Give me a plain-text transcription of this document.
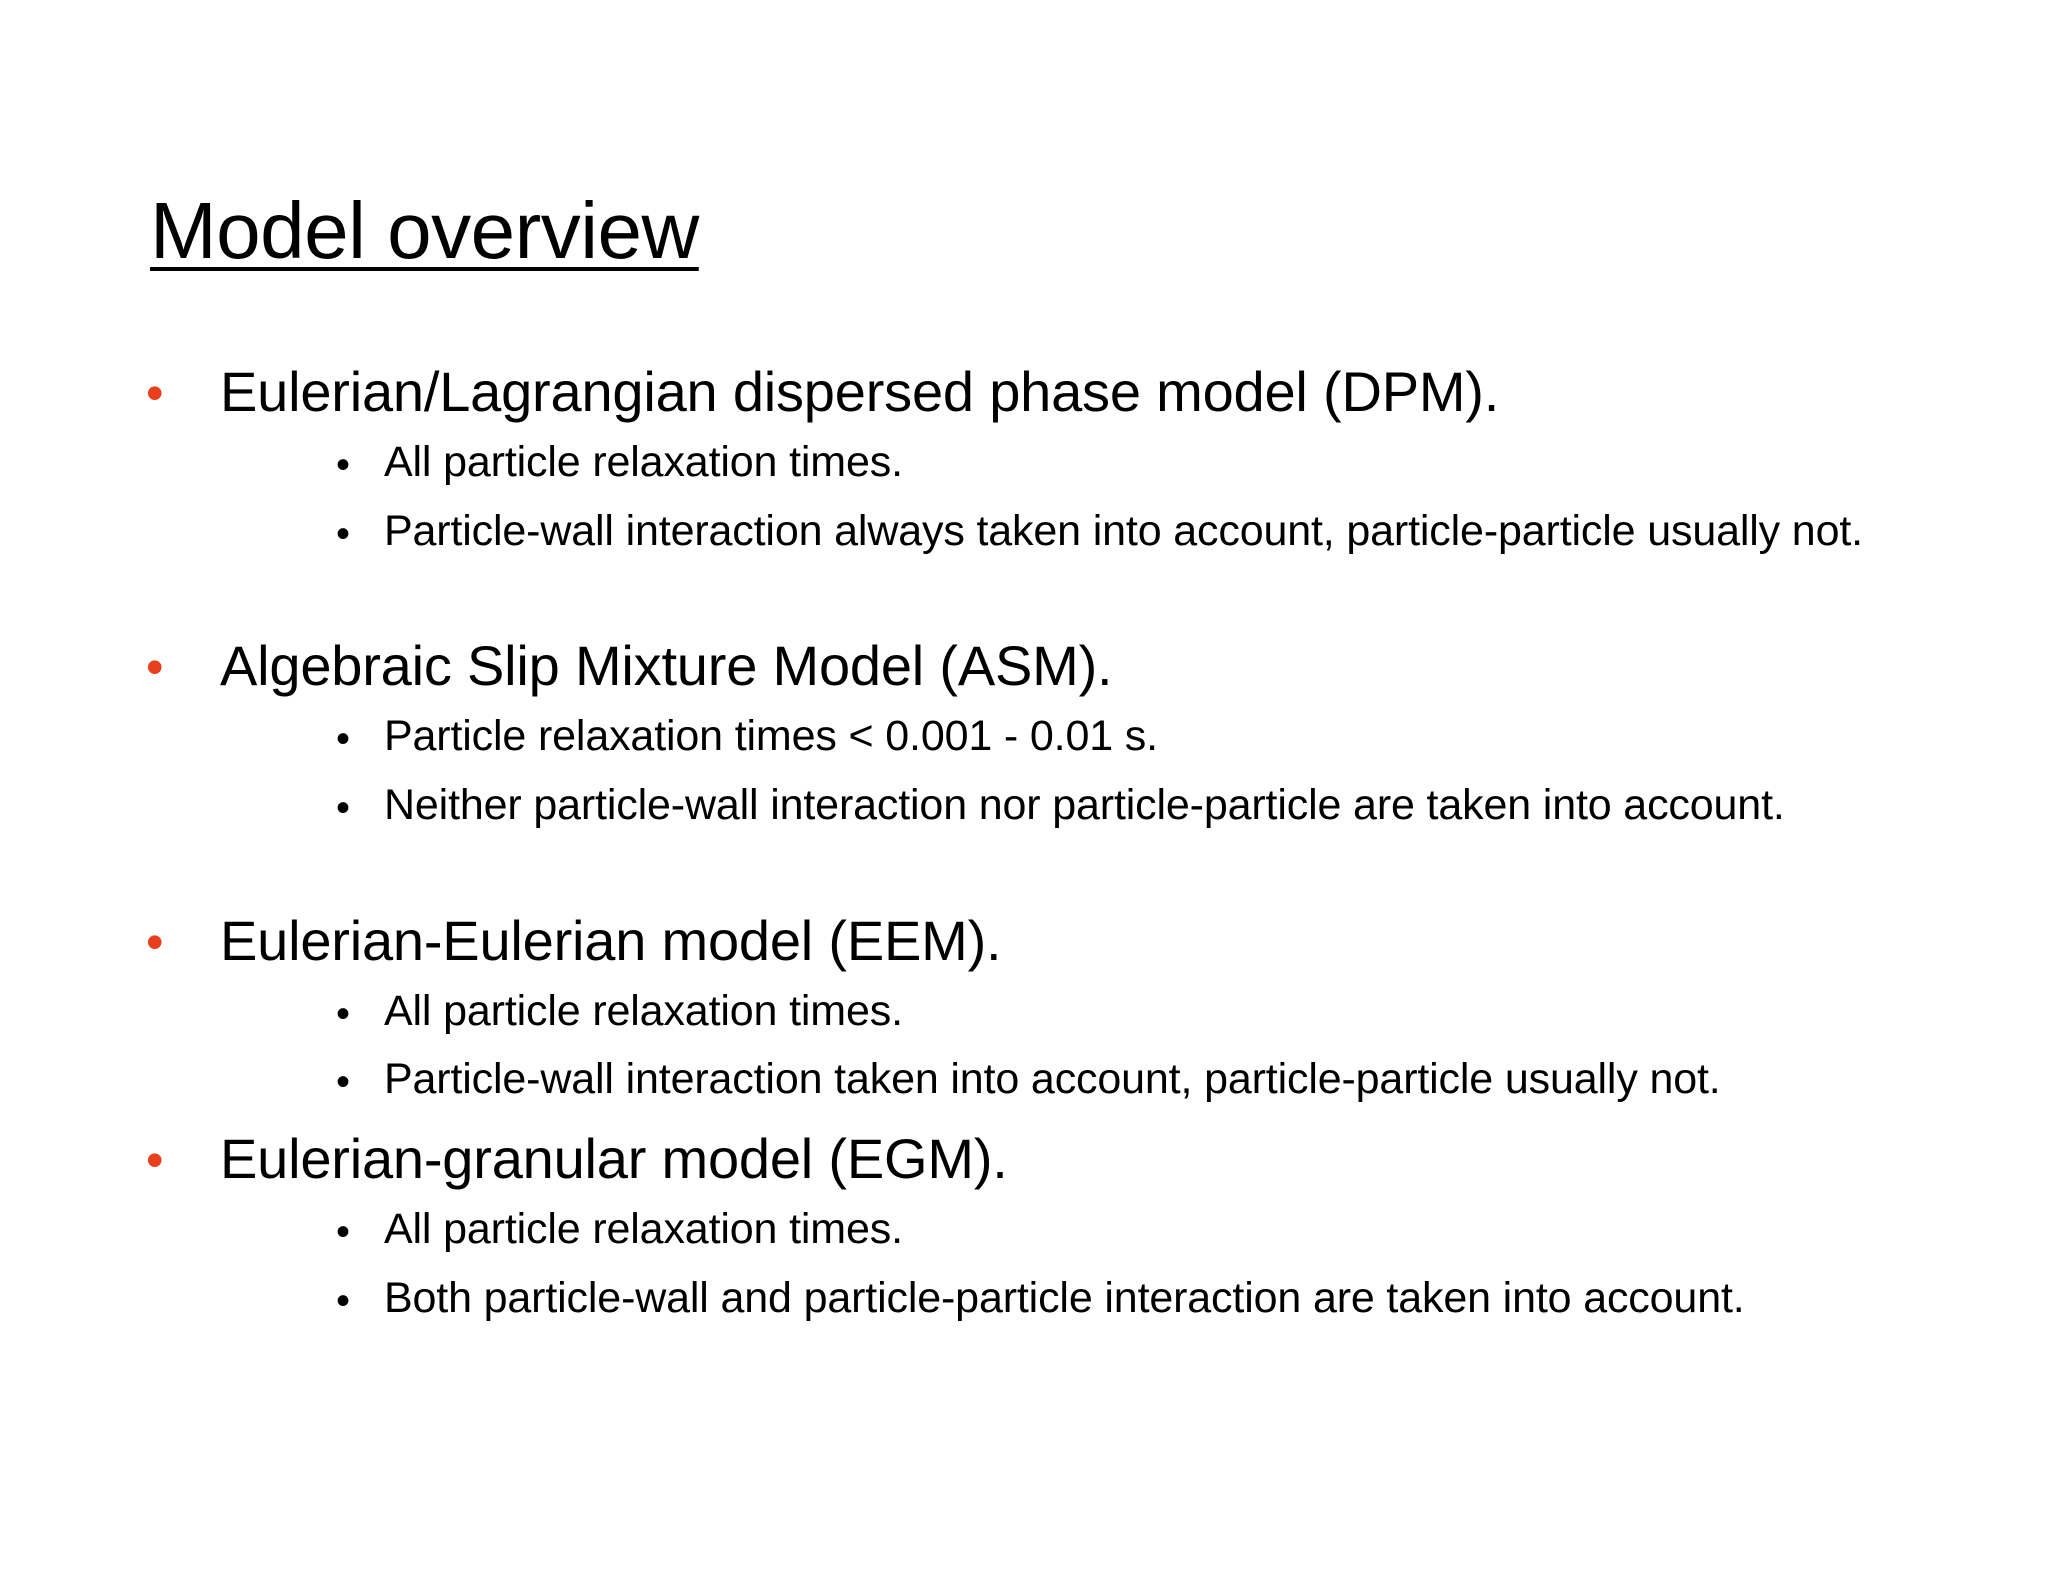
Model overview
• Eulerian/Lagrangian dispersed phase model (DPM).
• All particle relaxation times.
• Particle-wall interaction always taken into account, particle-particle usually not.
• Algebraic Slip Mixture Model (ASM).
• Particle relaxation times < 0.001 - 0.01 s.
• Neither particle-wall interaction nor particle-particle are taken into account.
• Eulerian-Eulerian model (EEM).
• All particle relaxation times.
• Particle-wall interaction taken into account, particle-particle usually not.
• Eulerian-granular model (EGM).
• All particle relaxation times.
• Both particle-wall and particle-particle interaction are taken into account.
